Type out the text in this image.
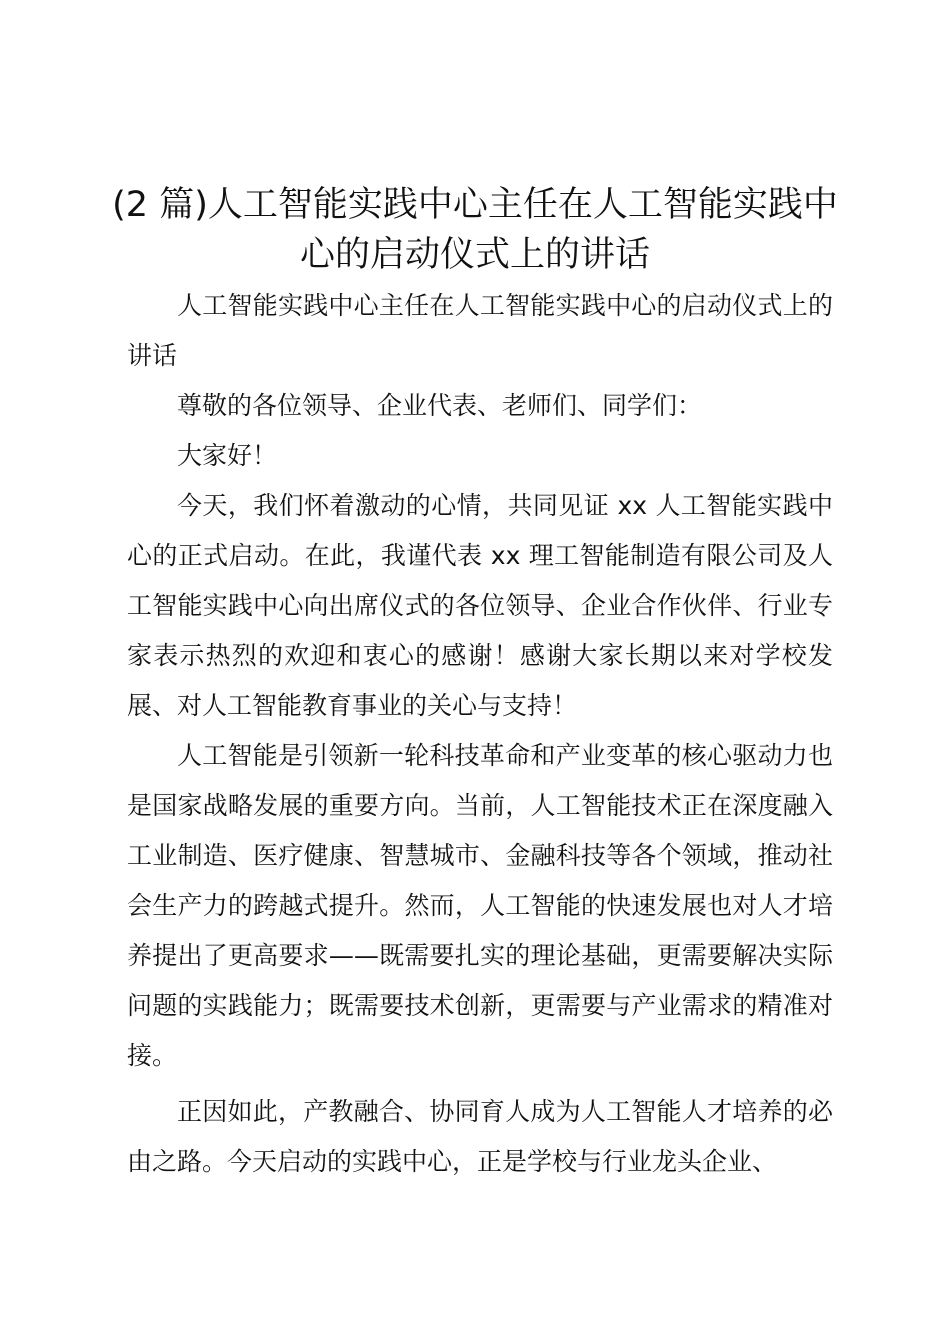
(2 篇)人工智能实践中心主任在人工智能实践中心的启动仪式上的讲话

人工智能实践中心主任在人工智能实践中心的启动仪式上的讲话

尊敬的各位领导、企业代表、老师们、同学们：

大家好！

今天，我们怀着激动的心情，共同见证 xx 人工智能实践中心的正式启动。在此，我谨代表 xx 理工智能制造有限公司及人工智能实践中心向出席仪式的各位领导、企业合作伙伴、行业专家表示热烈的欢迎和衷心的感谢！感谢大家长期以来对学校发展、对人工智能教育事业的关心与支持！

人工智能是引领新一轮科技革命和产业变革的核心驱动力也是国家战略发展的重要方向。当前，人工智能技术正在深度融入工业制造、医疗健康、智慧城市、金融科技等各个领域，推动社会生产力的跨越式提升。然而，人工智能的快速发展也对人才培养提出了更高要求——既需要扎实的理论基础，更需要解决实际问题的实践能力；既需要技术创新，更需要与产业需求的精准对接。

正因如此，产教融合、协同育人成为人工智能人才培养的必由之路。今天启动的实践中心，正是学校与行业龙头企业、
